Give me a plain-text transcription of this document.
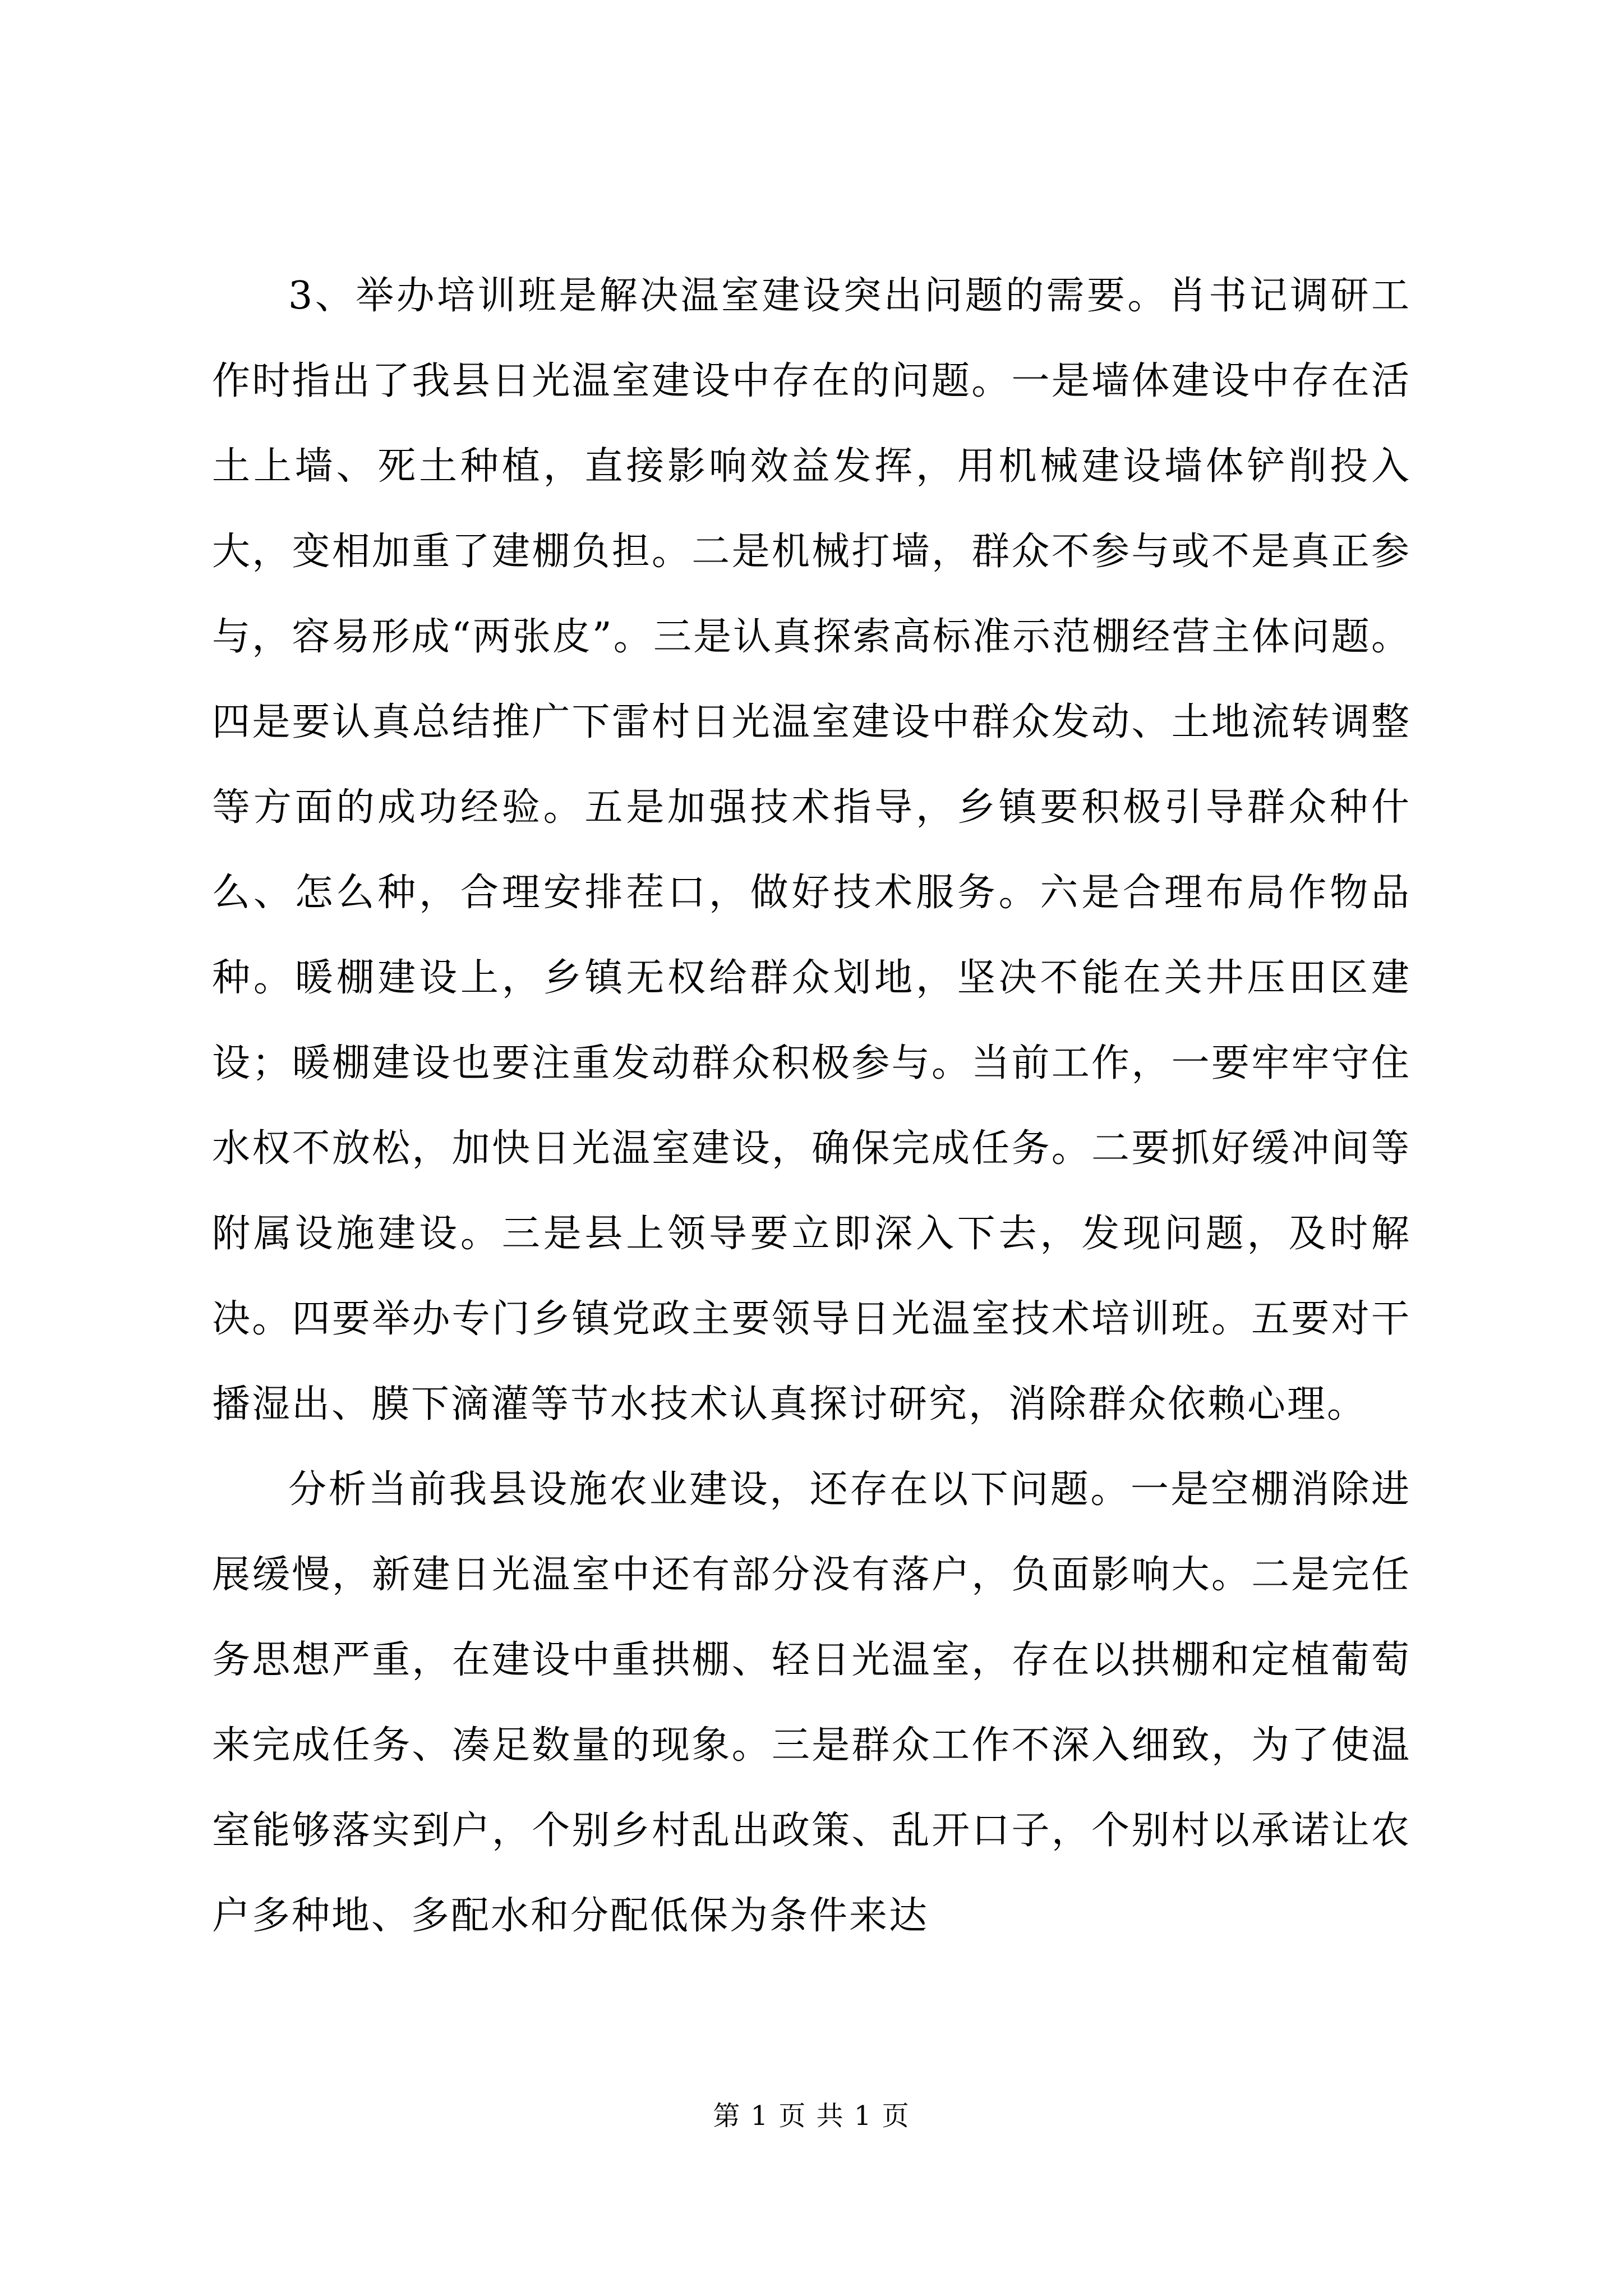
3、举办培训班是解决温室建设突出问题的需要。肖书记调研工作时指出了我县日光温室建设中存在的问题。一是墙体建设中存在活土上墙、死土种植，直接影响效益发挥，用机械建设墙体铲削投入大，变相加重了建棚负担。二是机械打墙，群众不参与或不是真正参与，容易形成“两张皮”。三是认真探索高标准示范棚经营主体问题。四是要认真总结推广下雷村日光温室建设中群众发动、土地流转调整等方面的成功经验。五是加强技术指导，乡镇要积极引导群众种什么、怎么种，合理安排茬口，做好技术服务。六是合理布局作物品种。暖棚建设上，乡镇无权给群众划地，坚决不能在关井压田区建设；暖棚建设也要注重发动群众积极参与。当前工作，一要牢牢守住水权不放松，加快日光温室建设，确保完成任务。二要抓好缓冲间等附属设施建设。三是县上领导要立即深入下去，发现问题，及时解决。四要举办专门乡镇党政主要领导日光温室技术培训班。五要对干播湿出、膜下滴灌等节水技术认真探讨研究，消除群众依赖心理。

分析当前我县设施农业建设，还存在以下问题。一是空棚消除进展缓慢，新建日光温室中还有部分没有落户，负面影响大。二是完任务思想严重，在建设中重拱棚、轻日光温室，存在以拱棚和定植葡萄来完成任务、凑足数量的现象。三是群众工作不深入细致，为了使温室能够落实到户，个别乡村乱出政策、乱开口子，个别村以承诺让农户多种地、多配水和分配低保为条件来达

第 1 页 共 1 页
